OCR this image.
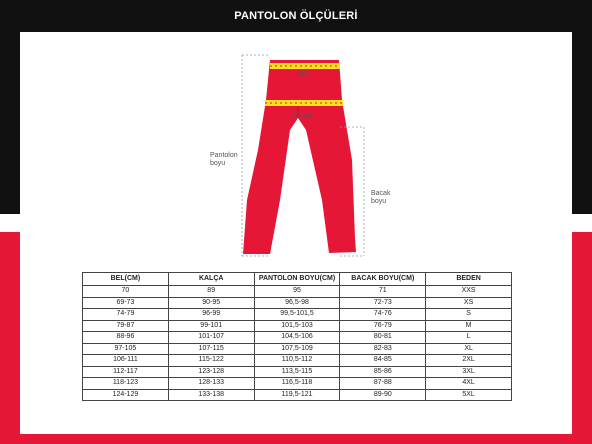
PANTOLON ÖLÇÜLERİ
Bel
Kalça
Pantolon
boyu
Bacak
boyu
BEL(CM)	KALÇA	PANTOLON BOYU(CM)	BACAK BOYU(CM)	BEDEN
70	89	95	71	XXS
69-73	90-95	96,5-98	72-73	XS
74-79	96-99	99,5-101,5	74-76	S
79-87	99-101	101,5-103	76-79	M
88-96	101-107	104,5-106	80-81	L
97-105	107-115	107,5-109	82-83	XL
106-111	115-122	110,5-112	84-85	2XL
112-117	123-128	113,5-115	85-86	3XL
118-123	128-133	116,5-118	87-88	4XL
124-129	133-138	119,5-121	89-90	5XL
